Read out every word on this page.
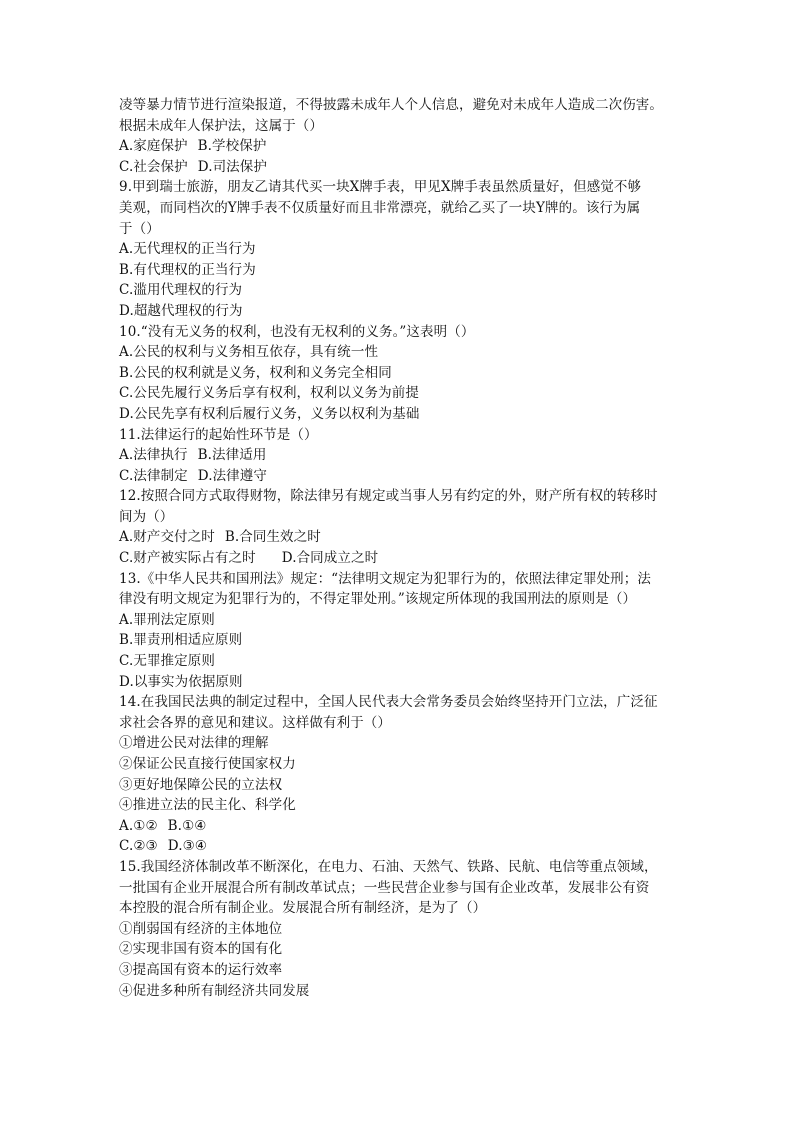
凌等暴力情节进行渲染报道，不得披露未成年人个人信息，避免对未成年人造成二次伤害。
根据未成年人保护法，这属于（）
A.家庭保护 B.学校保护
C.社会保护 D.司法保护
9.甲到瑞士旅游，朋友乙请其代买一块X牌手表，甲见X牌手表虽然质量好，但感觉不够
美观，而同档次的Y牌手表不仅质量好而且非常漂亮，就给乙买了一块Y牌的。该行为属
于（）
A.无代理权的正当行为
B.有代理权的正当行为
C.滥用代理权的行为
D.超越代理权的行为
10.“没有无义务的权利，也没有无权利的义务。”这表明（）
A.公民的权利与义务相互依存，具有统一性
B.公民的权利就是义务，权利和义务完全相同
C.公民先履行义务后享有权利，权利以义务为前提
D.公民先享有权利后履行义务，义务以权利为基础
11.法律运行的起始性环节是（）
A.法律执行 B.法律适用
C.法律制定 D.法律遵守
12.按照合同方式取得财物，除法律另有规定或当事人另有约定的外，财产所有权的转移时
间为（）
A.财产交付之时 B.合同生效之时
C.财产被实际占有之时 D.合同成立之时
13.《中华人民共和国刑法》规定：“法律明文规定为犯罪行为的，依照法律定罪处刑；法
律没有明文规定为犯罪行为的，不得定罪处刑。”该规定所体现的我国刑法的原则是（）
A.罪刑法定原则
B.罪责刑相适应原则
C.无罪推定原则
D.以事实为依据原则
14.在我国民法典的制定过程中，全国人民代表大会常务委员会始终坚持开门立法，广泛征
求社会各界的意见和建议。这样做有利于（）
①增进公民对法律的理解
②保证公民直接行使国家权力
③更好地保障公民的立法权
④推进立法的民主化、科学化
A.①② B.①④
C.②③ D.③④
15.我国经济体制改革不断深化，在电力、石油、天然气、铁路、民航、电信等重点领域，
一批国有企业开展混合所有制改革试点；一些民营企业参与国有企业改革，发展非公有资
本控股的混合所有制企业。发展混合所有制经济，是为了（）
①削弱国有经济的主体地位
②实现非国有资本的国有化
③提高国有资本的运行效率
④促进多种所有制经济共同发展
